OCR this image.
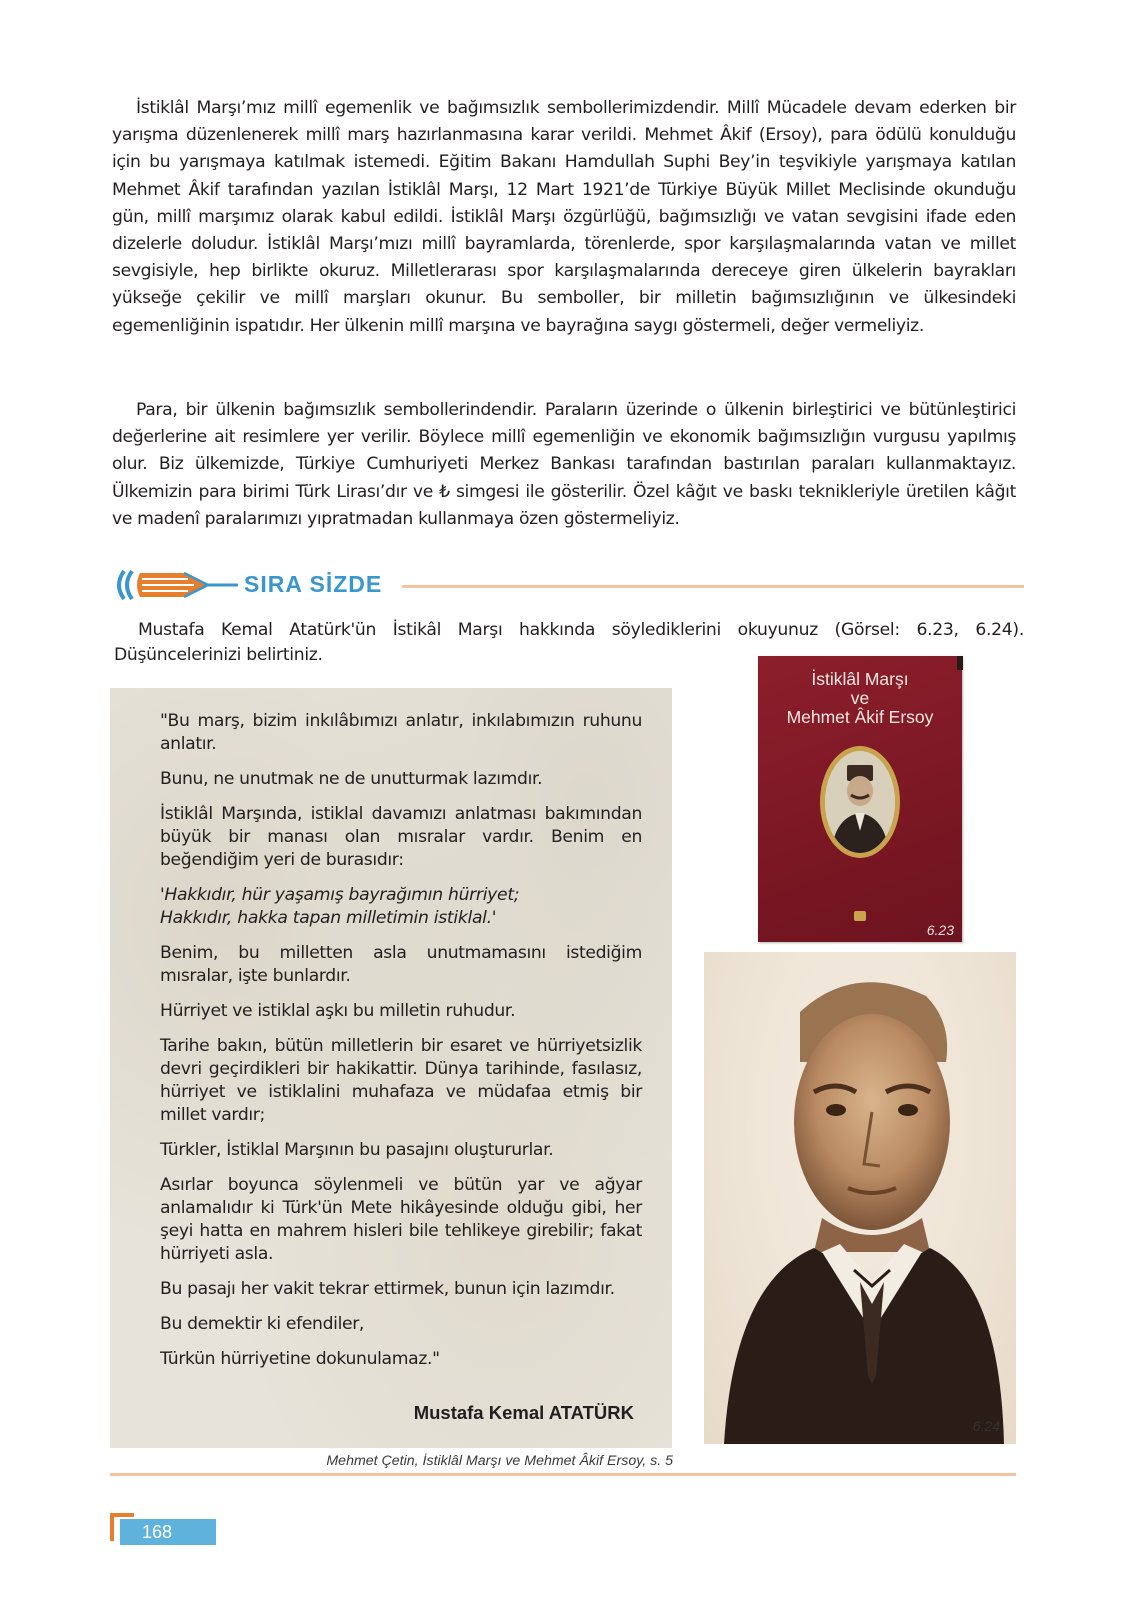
İstiklâl Marşı’mız millî egemenlik ve bağımsızlık sembollerimizdendir. Millî Mücadele devam ederken bir yarışma düzenlenerek millî marş hazırlanmasına karar verildi. Mehmet Âkif (Ersoy), para ödülü konulduğu için bu yarışmaya katılmak istemedi. Eğitim Bakanı Hamdullah Suphi Bey’in teşvikiyle yarışmaya katılan Mehmet Âkif tarafından yazılan İstiklâl Marşı, 12 Mart 1921’de Türkiye Büyük Millet Meclisinde okunduğu gün, millî marşımız olarak kabul edildi. İstiklâl Marşı özgürlüğü, bağımsızlığı ve vatan sevgisini ifade eden dizelerle doludur. İstiklâl Marşı’mızı millî bayramlarda, törenlerde, spor karşılaşmalarında vatan ve millet sevgisiyle, hep birlikte okuruz. Milletlerarası spor karşılaşmalarında dereceye giren ülkelerin bayrakları yükseğe çekilir ve millî marşları okunur. Bu semboller, bir milletin bağımsızlığının ve ülkesindeki egemenliğinin ispatıdır. Her ülkenin millî marşına ve bayrağına saygı göstermeli, değer vermeliyiz.

Para, bir ülkenin bağımsızlık sembollerindendir. Paraların üzerinde o ülkenin birleştirici ve bütünleştirici değerlerine ait resimlere yer verilir. Böylece millî egemenliğin ve ekonomik bağımsızlığın vurgusu yapılmış olur. Biz ülkemizde, Türkiye Cumhuriyeti Merkez Bankası tarafından bastırılan paraları kullanmaktayız. Ülkemizin para birimi Türk Lirası’dır ve ₺ simgesi ile gösterilir. Özel kâğıt ve baskı teknikleriyle üretilen kâğıt ve madenî paralarımızı yıpratmadan kullanmaya özen göstermeliyiz.

SIRA SİZDE

Mustafa Kemal Atatürk'ün İstikâl Marşı hakkında söylediklerini okuyunuz (Görsel: 6.23, 6.24). Düşüncelerinizi belirtiniz.

"Bu marş, bizim inkılâbımızı anlatır, inkılabımızın ruhunu anlatır.

Bunu, ne unutmak ne de unutturmak lazımdır.

İstiklâl Marşında, istiklal davamızı anlatması bakımından büyük bir manası olan mısralar vardır. Benim en beğendiğim yeri de burasıdır:

'Hakkıdır, hür yaşamış bayrağımın hürriyet;
Hakkıdır, hakka tapan milletimin istiklal.'

Benim, bu milletten asla unutmamasını istediğim mısralar, işte bunlardır.

Hürriyet ve istiklal aşkı bu milletin ruhudur.

Tarihe bakın, bütün milletlerin bir esaret ve hürriyetsizlik devri geçirdikleri bir hakikattir. Dünya tarihinde, fasılasız, hürriyet ve istiklalini muhafaza ve müdafaa etmiş bir millet vardır;

Türkler, İstiklal Marşının bu pasajını oluştururlar.

Asırlar boyunca söylenmeli ve bütün yar ve ağyar anlamalıdır ki Türk'ün Mete hikâyesinde olduğu gibi, her şeyi hatta en mahrem hisleri bile tehlikeye girebilir; fakat hürriyeti asla.

Bu pasajı her vakit tekrar ettirmek, bunun için lazımdır.

Bu demektir ki efendiler,

Türkün hürriyetine dokunulamaz."

Mustafa Kemal ATATÜRK
Mehmet Çetin, İstiklâl Marşı ve Mehmet Âkif Ersoy, s. 5
İstiklâl Marşı
ve
Mehmet Âkif Ersoy
6.23
6.24
168
